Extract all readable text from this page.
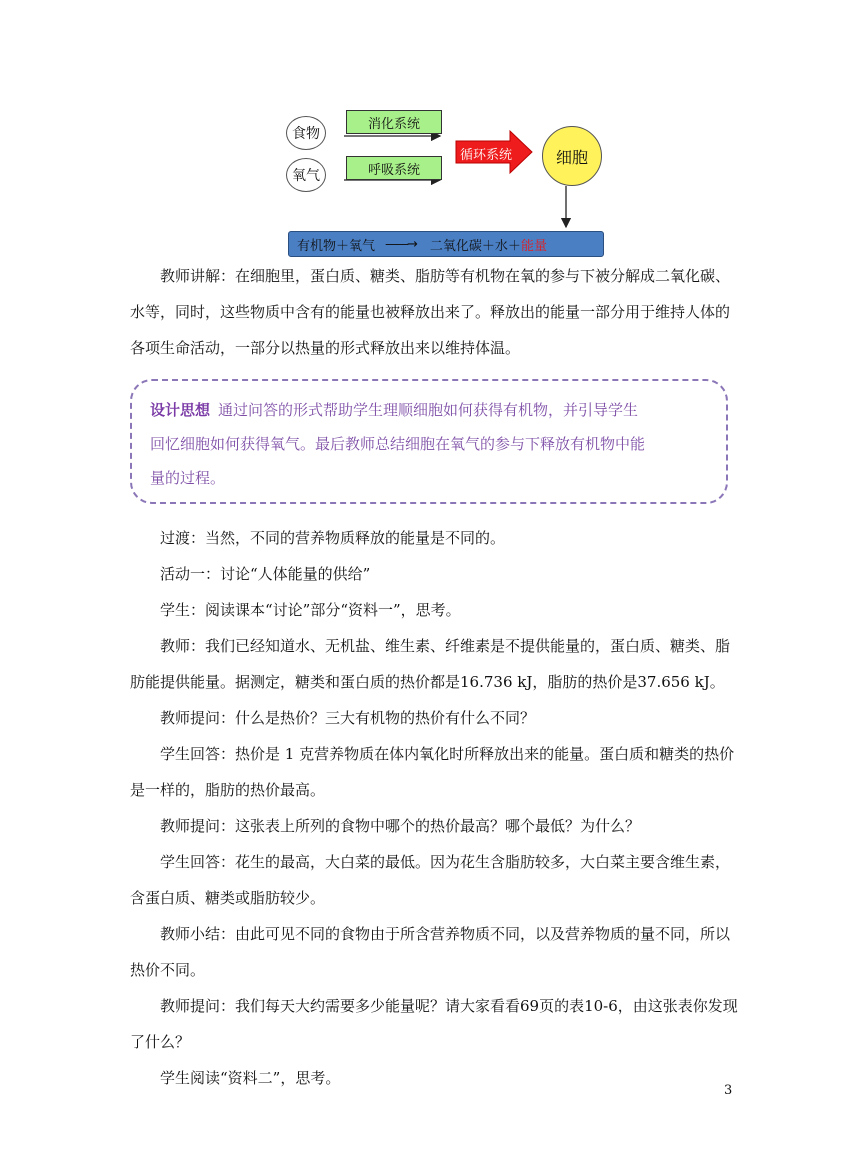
食物
氧气
消化系统
呼吸系统
循环系统	细胞
有机物＋氧气 ——→ 二氧化碳＋水＋ 能量
教师讲解：在细胞里，蛋白质、糖类、脂肪等有机物在氧的参与下被分解成二氧化碳、
水等，同时，这些物质中含有的能量也被释放出来了。释放出的能量一部分用于维持人体的
各项生命活动，一部分以热量的形式释放出来以维持体温。
设计思想 通过问答的形式帮助学生理顺细胞如何获得有机物，并引导学生
回忆细胞如何获得氧气。最后教师总结细胞在氧气的参与下释放有机物中能
量的过程。
过渡：当然，不同的营养物质释放的能量是不同的。
活动一：讨论“人体能量的供给”
学生：阅读课本“讨论”部分“资料一”，思考。
教师：我们已经知道水、无机盐、维生素、纤维素是不提供能量的，蛋白质、糖类、脂
肪能提供能量。据测定，糖类和蛋白质的热价都是16.736 kJ，脂肪的热价是37.656 kJ。
教师提问：什么是热价？三大有机物的热价有什么不同？
学生回答：热价是 1 克营养物质在体内氧化时所释放出来的能量。蛋白质和糖类的热价
是一样的，脂肪的热价最高。
教师提问：这张表上所列的食物中哪个的热价最高？哪个最低？为什么？
学生回答：花生的最高，大白菜的最低。因为花生含脂肪较多，大白菜主要含维生素，
含蛋白质、糖类或脂肪较少。
教师小结：由此可见不同的食物由于所含营养物质不同，以及营养物质的量不同，所以
热价不同。
教师提问：我们每天大约需要多少能量呢？请大家看看69页的表10-6，由这张表你发现
了什么？
学生阅读“资料二”，思考。
3
